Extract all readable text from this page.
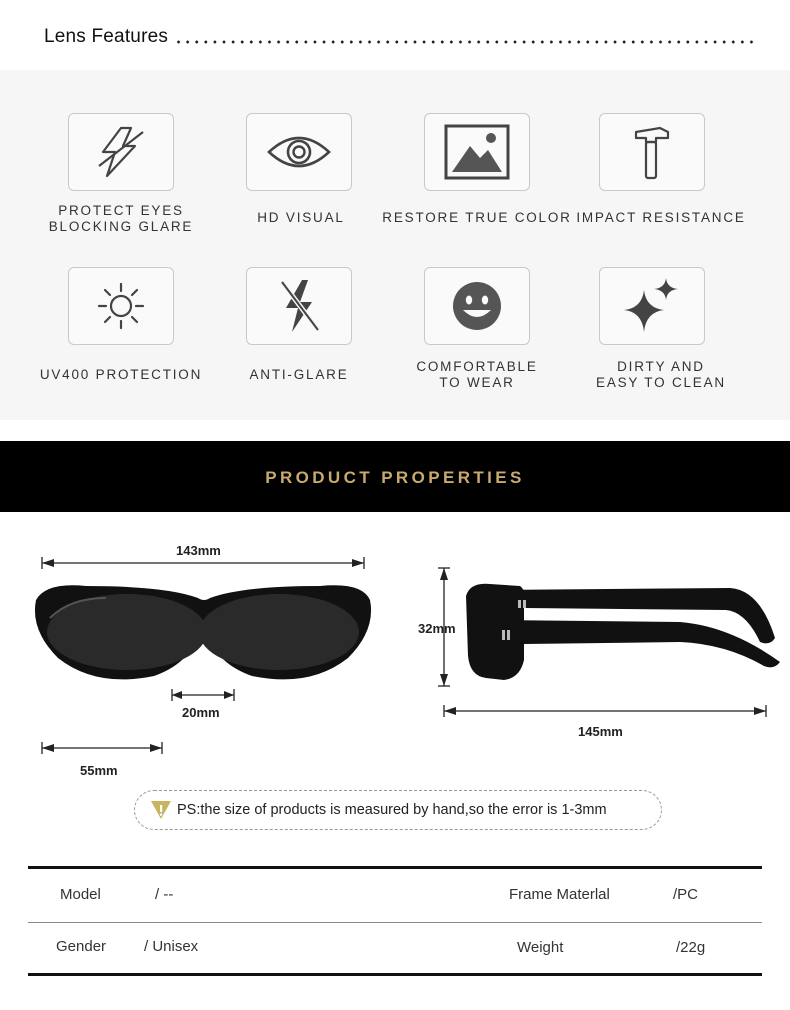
Lens Features
PROTECT EYES
BLOCKING GLARE
HD VISUAL	RESTORE TRUE COLOR IMPACT RESISTANCE
UV400 PROTECTION	ANTI-GLARE
COMFORTABLE
TO WEAR
DIRTY AND
EASY TO CLEAN
PRODUCT PROPERTIES
143mm
20mm
55mm
32mm
145mm
PS:the size of products is measured by hand,so the error is 1-3mm
Model	/ --	Frame Materlal	/PC
Gender	/ Unisex	Weight	/22g
